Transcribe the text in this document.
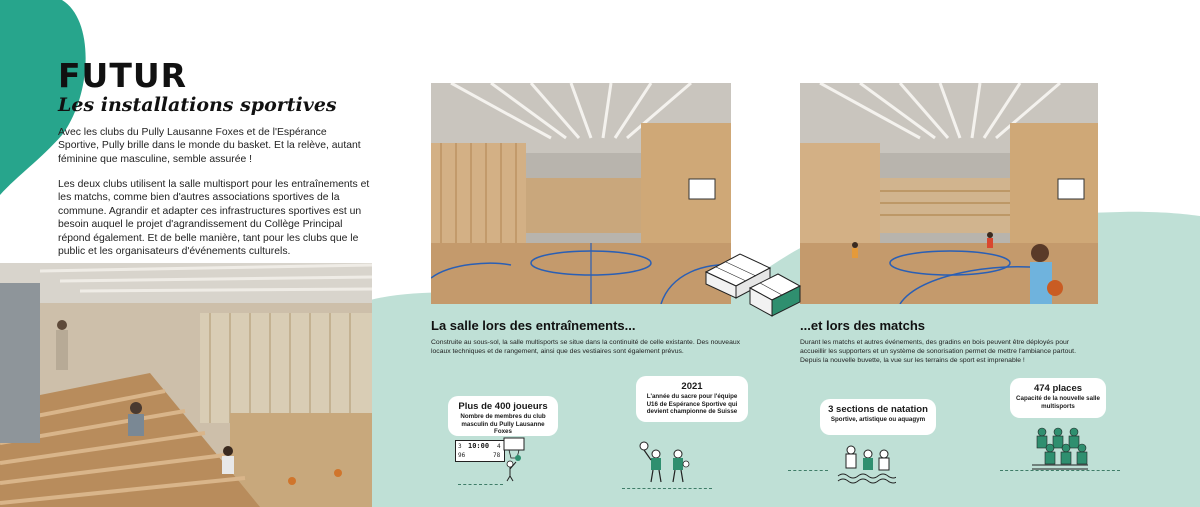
FUTUR
Les installations sportives

Avec les clubs du Pully Lausanne Foxes et de l'Espérance Sportive, Pully brille dans le monde du basket. Et la relève, autant féminine que masculine, semble assurée !

Les deux clubs utilisent la salle multisport pour les entraînements et les matchs, comme bien d'autres associations sportives de la commune. Agrandir et adapter ces infrastructures sportives est un besoin auquel le projet d'agrandissement du Collège Principal répond également. Et de belle manière, tant pour les clubs que le public et les organisateurs d'événements culturels.

La salle lors des entraînements...
Construite au sous-sol, la salle multisports se situe dans la continuité de celle existante. Des nouveaux locaux techniques et de rangement, ainsi que des vestiaires sont également prévus.
...et lors des matchs
Durant les matchs et autres événements, des gradins en bois peuvent être déployés pour accueillir les supporters et un système de sonorisation permet de mettre l'ambiance partout. Depuis la nouvelle buvette, la vue sur les terrains de sport est imprenable !
Plus de 400 joueurs
Nombre de membres du club masculin du Pully Lausanne Foxes
2021
L'année du sacre pour l'équipe U16 de Espérance Sportive qui devient championne de Suisse	3 sections de natation
Sportive, artistique ou aquagym
474 places
Capacité de la nouvelle salle multisports
3 10:00 4
96	78
